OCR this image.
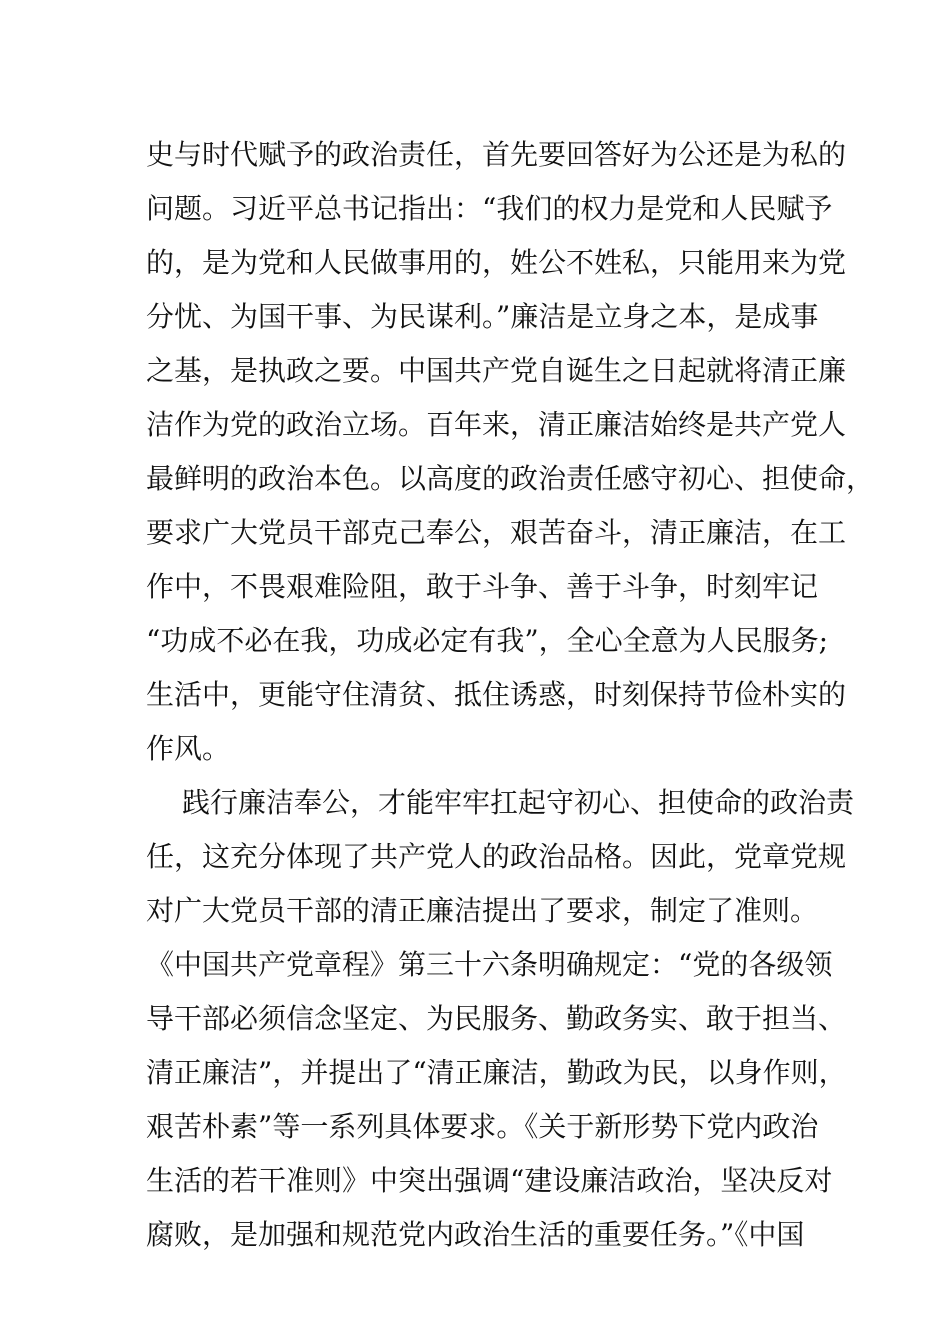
史与时代赋予的政治责任，首先要回答好为公还是为私的
问题。习近平总书记指出：“我们的权力是党和人民赋予
的，是为党和人民做事用的，姓公不姓私，只能用来为党
分忧、为国干事、为民谋利。”廉洁是立身之本，是成事
之基，是执政之要。中国共产党自诞生之日起就将清正廉
洁作为党的政治立场。百年来，清正廉洁始终是共产党人
最鲜明的政治本色。以高度的政治责任感守初心、担使命，
要求广大党员干部克己奉公，艰苦奋斗，清正廉洁，在工
作中，不畏艰难险阻，敢于斗争、善于斗争，时刻牢记
“功成不必在我，功成必定有我”，全心全意为人民服务;
生活中，更能守住清贫、抵住诱惑，时刻保持节俭朴实的
作风。
践行廉洁奉公，才能牢牢扛起守初心、担使命的政治责
任，这充分体现了共产党人的政治品格。因此，党章党规
对广大党员干部的清正廉洁提出了要求，制定了准则。
《中国共产党章程》第三十六条明确规定：“党的各级领
导干部必须信念坚定、为民服务、勤政务实、敢于担当、
清正廉洁”，并提出了“清正廉洁，勤政为民，以身作则，
艰苦朴素”等一系列具体要求。《关于新形势下党内政治
生活的若干准则》中突出强调“建设廉洁政治，坚决反对
腐败，是加强和规范党内政治生活的重要任务。”《中国
